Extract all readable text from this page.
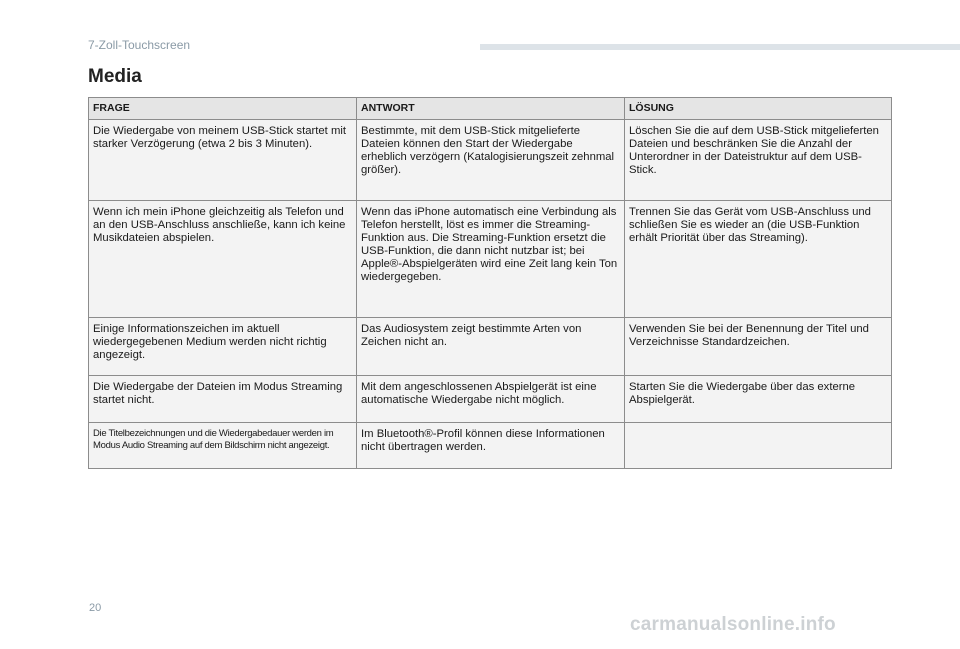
7-Zoll-Touchscreen
Media
FRAGE	ANTWORT	LÖSUNG
Die Wiedergabe von meinem USB-Stick startet mit starker Verzögerung (etwa 2 bis 3 Minuten).	Bestimmte, mit dem USB-Stick mitgelieferte Dateien können den Start der Wiedergabe erheblich verzögern (Katalogisierungszeit zehnmal größer).	Löschen Sie die auf dem USB-Stick mitgelieferten Dateien und beschränken Sie die Anzahl der Unterordner in der Dateistruktur auf dem USB-Stick.
Wenn ich mein iPhone gleichzeitig als Telefon und an den USB-Anschluss anschließe, kann ich keine Musikdateien abspielen.	Wenn das iPhone automatisch eine Verbindung als Telefon herstellt, löst es immer die Streaming-Funktion aus. Die Streaming-Funktion ersetzt die USB-Funktion, die dann nicht nutzbar ist; bei Apple®-Abspielgeräten wird eine Zeit lang kein Ton wiedergegeben.	Trennen Sie das Gerät vom USB-Anschluss und schließen Sie es wieder an (die USB-Funktion erhält Priorität über das Streaming).
Einige Informationszeichen im aktuell wiedergegebenen Medium werden nicht richtig angezeigt.	Das Audiosystem zeigt bestimmte Arten von Zeichen nicht an.	Verwenden Sie bei der Benennung der Titel und Verzeichnisse Standardzeichen.
Die Wiedergabe der Dateien im Modus Streaming startet nicht.	Mit dem angeschlossenen Abspielgerät ist eine automatische Wiedergabe nicht möglich.	Starten Sie die Wiedergabe über das externe Abspielgerät.
Die Titelbezeichnungen und die Wiedergabedauer werden im Modus Audio Streaming auf dem Bildschirm nicht angezeigt.	Im Bluetooth®-Profil können diese Informationen nicht übertragen werden.	
20
carmanualsonline.info
